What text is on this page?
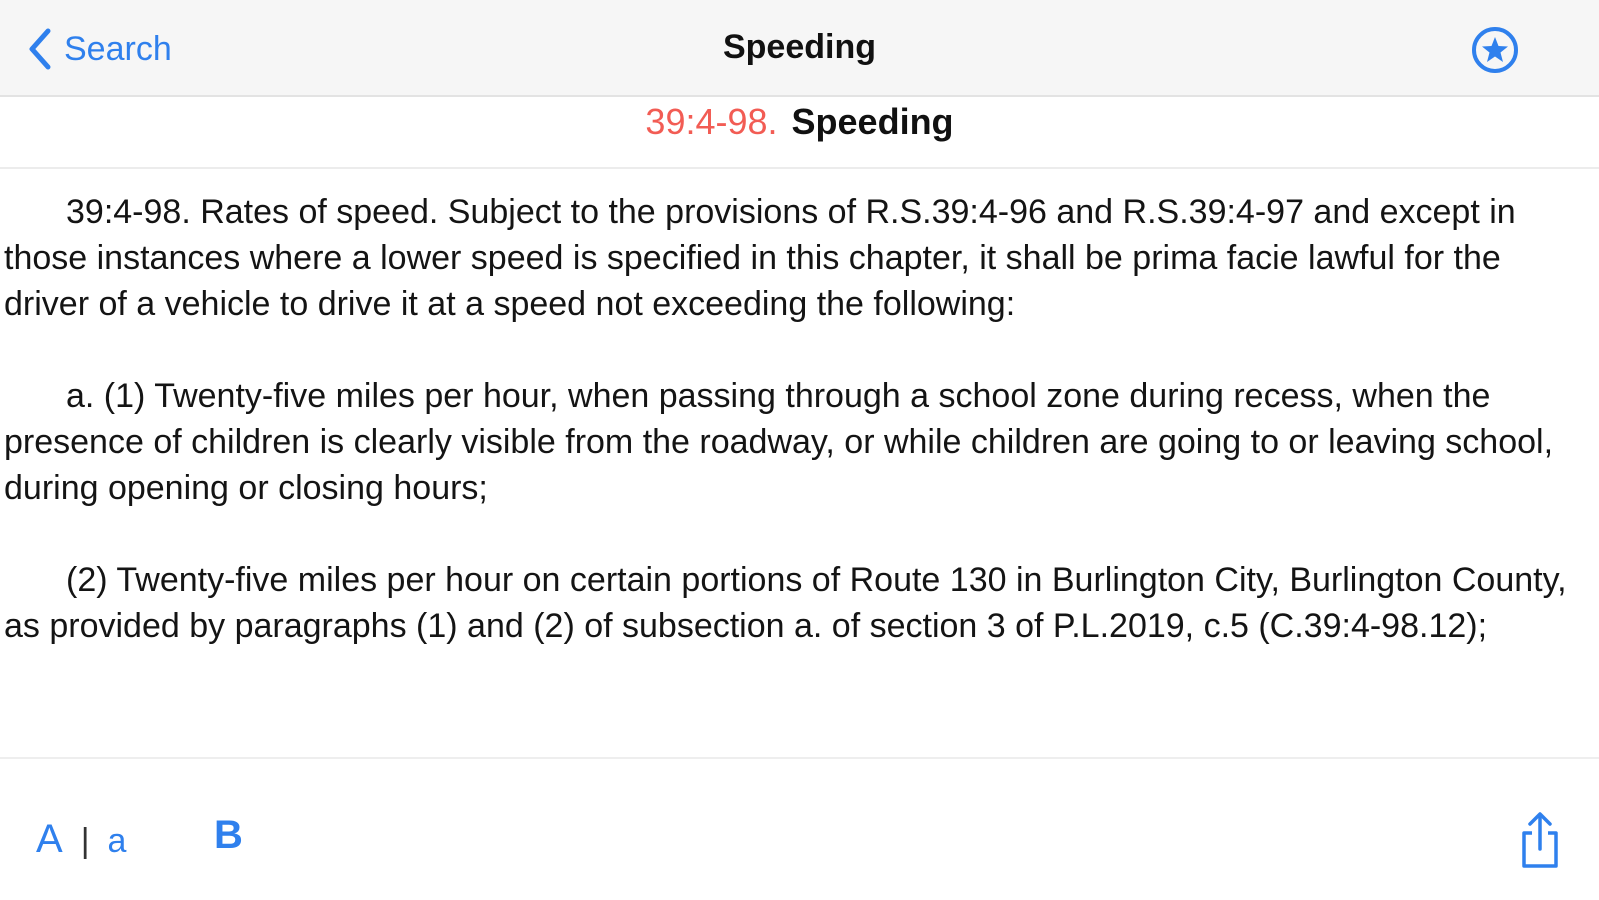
Search	Speeding
39:4-98. Speeding

39:4-98. Rates of speed. Subject to the provisions of R.S.39:4-96 and R.S.39:4-97 and except in those instances where a lower speed is specified in this chapter, it shall be prima facie lawful for the driver of a vehicle to drive it at a speed not exceeding the following:

a. (1) Twenty-five miles per hour, when passing through a school zone during recess, when the presence of children is clearly visible from the roadway, or while children are going to or leaving school, during opening or closing hours;

(2) Twenty-five miles per hour on certain portions of Route 130 in Burlington City, Burlington County, as provided by paragraphs (1) and (2) of subsection a. of section 3 of P.L.2019, c.5 (C.39:4-98.12);

A | a B
